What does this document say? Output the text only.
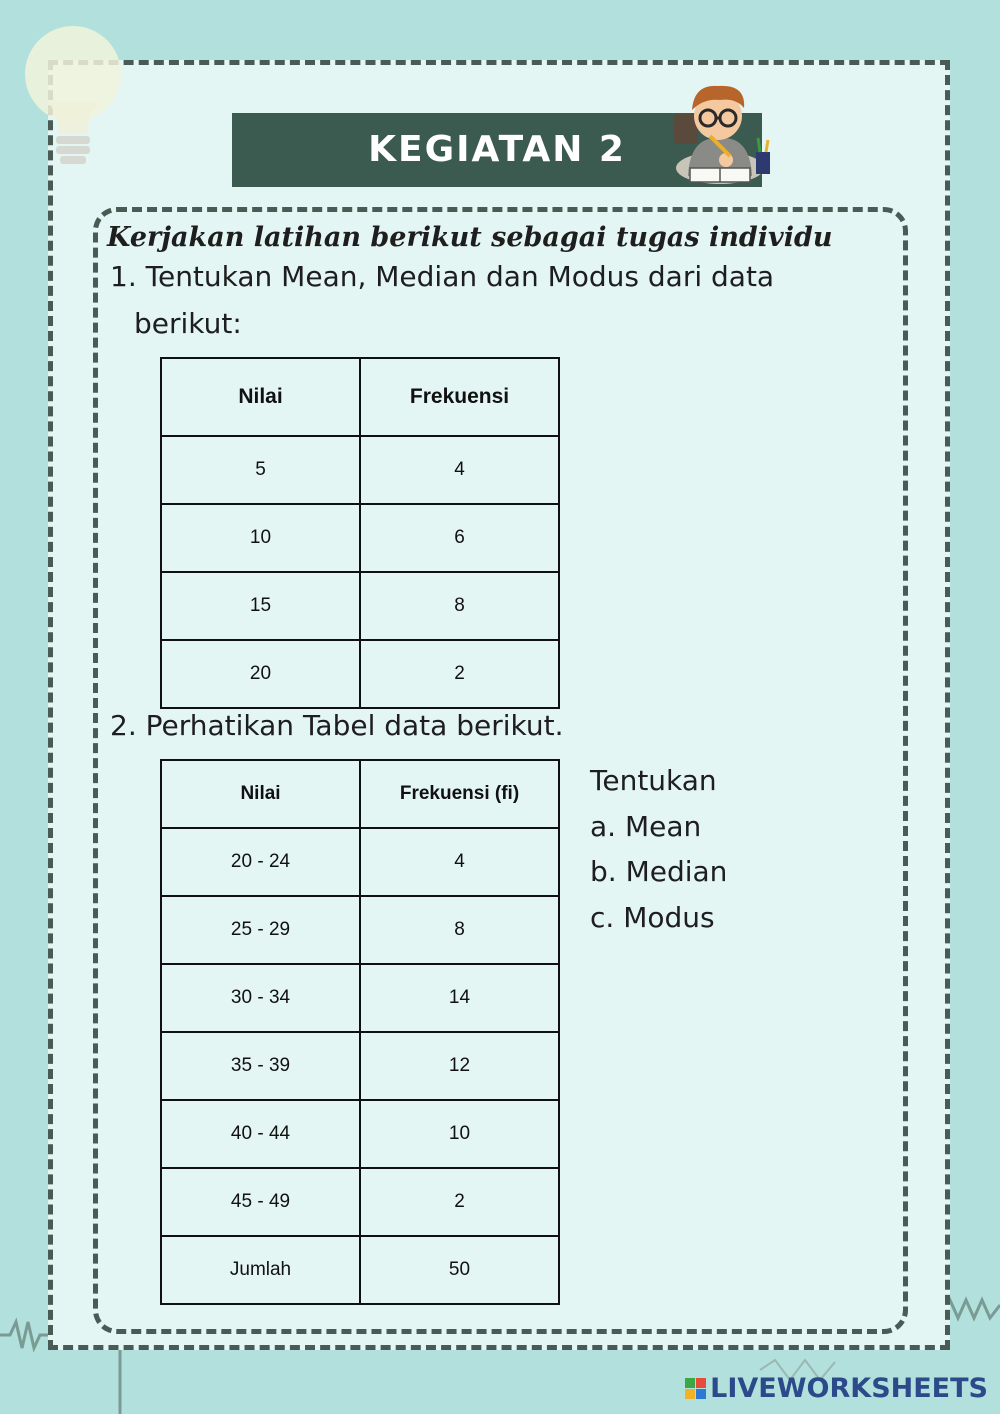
KEGIATAN 2
Kerjakan latihan berikut sebagai tugas individu
1. Tentukan Mean, Median dan Modus dari data
berikut:
Nilai	Frekuensi
5	4
10	6
15	8
20	2
2. Perhatikan Tabel data berikut.
Nilai	Frekuensi (fi)
20 - 24	4
25 - 29	8
30 - 34	14
35 - 39	12
40 - 44	10
45 - 49	2
Jumlah	50
Tentukan
a. Mean
b. Median
c. Modus
LIVEWORKSHEETS
